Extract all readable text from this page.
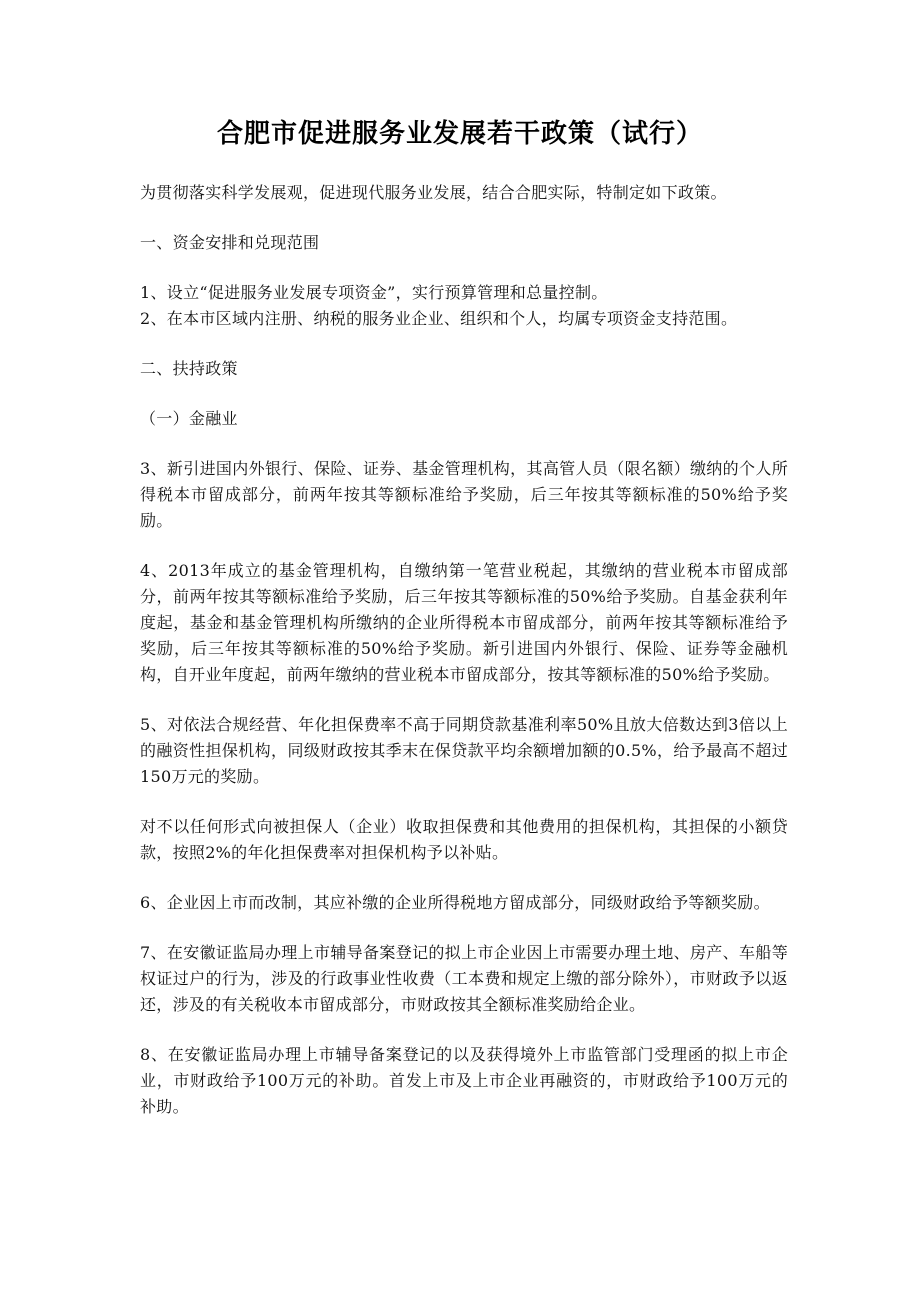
合肥市促进服务业发展若干政策（试行）

为贯彻落实科学发展观，促进现代服务业发展，结合合肥实际，特制定如下政策。

一、资金安排和兑现范围

1、设立“促进服务业发展专项资金”，实行预算管理和总量控制。
2、在本市区域内注册、纳税的服务业企业、组织和个人，均属专项资金支持范围。

二、扶持政策

（一）金融业

3、新引进国内外银行、保险、证券、基金管理机构，其高管人员（限名额）缴纳的个人所得税本市留成部分，前两年按其等额标准给予奖励，后三年按其等额标准的50%给予奖励。

4、2013年成立的基金管理机构，自缴纳第一笔营业税起，其缴纳的营业税本市留成部分，前两年按其等额标准给予奖励，后三年按其等额标准的50%给予奖励。自基金获利年度起，基金和基金管理机构所缴纳的企业所得税本市留成部分，前两年按其等额标准给予奖励，后三年按其等额标准的50%给予奖励。新引进国内外银行、保险、证券等金融机构，自开业年度起，前两年缴纳的营业税本市留成部分，按其等额标准的50%给予奖励。

5、对依法合规经营、年化担保费率不高于同期贷款基准利率50%且放大倍数达到3倍以上的融资性担保机构，同级财政按其季末在保贷款平均余额增加额的0.5%，给予最高不超过150万元的奖励。

对不以任何形式向被担保人（企业）收取担保费和其他费用的担保机构，其担保的小额贷款，按照2%的年化担保费率对担保机构予以补贴。

6、企业因上市而改制，其应补缴的企业所得税地方留成部分，同级财政给予等额奖励。

7、在安徽证监局办理上市辅导备案登记的拟上市企业因上市需要办理土地、房产、车船等权证过户的行为，涉及的行政事业性收费（工本费和规定上缴的部分除外），市财政予以返还，涉及的有关税收本市留成部分，市财政按其全额标准奖励给企业。

8、在安徽证监局办理上市辅导备案登记的以及获得境外上市监管部门受理函的拟上市企业，市财政给予100万元的补助。首发上市及上市企业再融资的，市财政给予100万元的补助。
